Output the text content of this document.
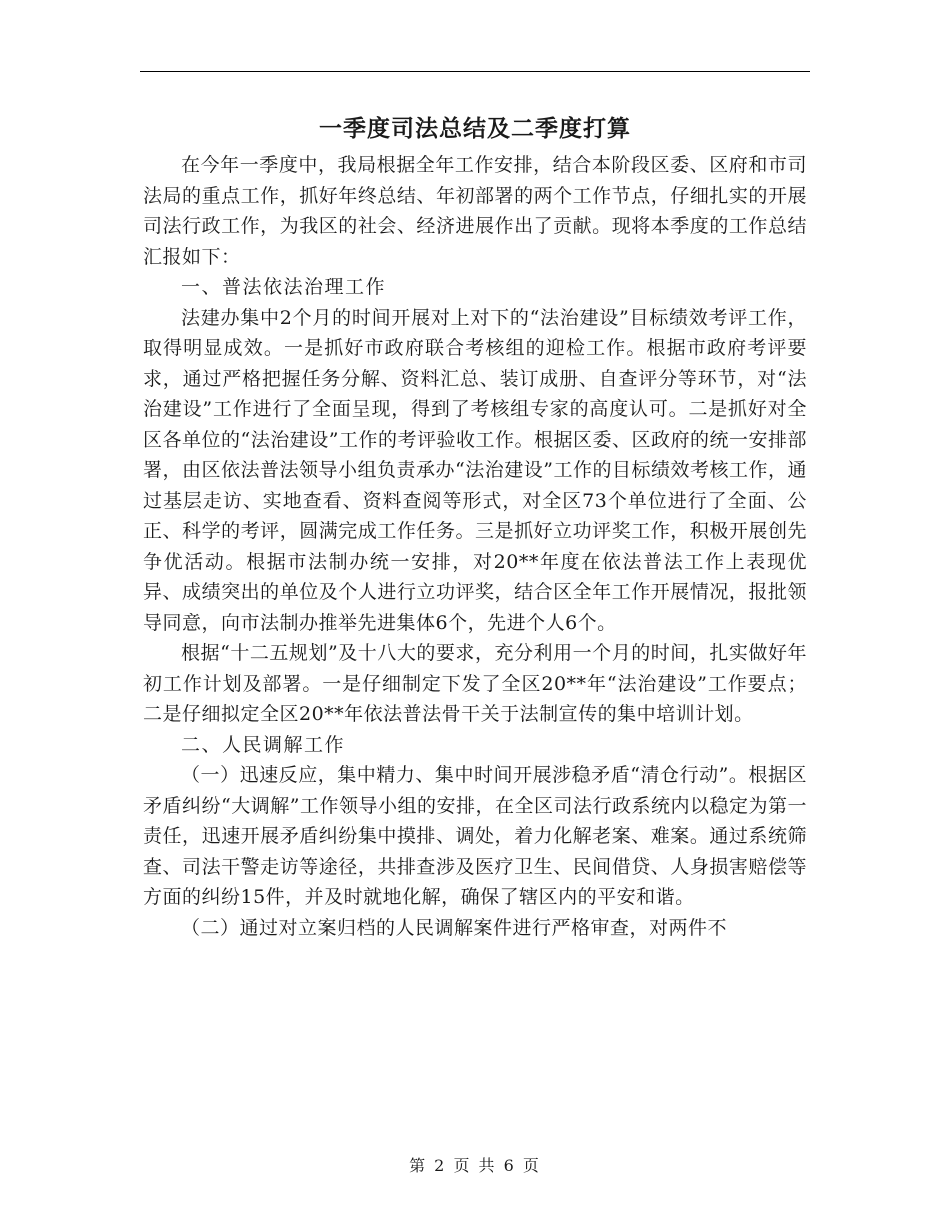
一季度司法总结及二季度打算

在今年一季度中，我局根据全年工作安排，结合本阶段区委、区府和市司法局的重点工作，抓好年终总结、年初部署的两个工作节点，仔细扎实的开展司法行政工作，为我区的社会、经济进展作出了贡献。现将本季度的工作总结汇报如下：

一、普法依法治理工作

法建办集中2个月的时间开展对上对下的“法治建设”目标绩效考评工作，取得明显成效。一是抓好市政府联合考核组的迎检工作。根据市政府考评要求，通过严格把握任务分解、资料汇总、装订成册、自查评分等环节，对“法治建设”工作进行了全面呈现，得到了考核组专家的高度认可。二是抓好对全区各单位的“法治建设”工作的考评验收工作。根据区委、区政府的统一安排部署，由区依法普法领导小组负责承办“法治建设”工作的目标绩效考核工作，通过基层走访、实地查看、资料查阅等形式，对全区73个单位进行了全面、公正、科学的考评，圆满完成工作任务。三是抓好立功评奖工作，积极开展创先争优活动。根据市法制办统一安排，对20**年度在依法普法工作上表现优异、成绩突出的单位及个人进行立功评奖，结合区全年工作开展情况，报批领导同意，向市法制办推举先进集体6个，先进个人6个。

根据“十二五规划”及十八大的要求，充分利用一个月的时间，扎实做好年初工作计划及部署。一是仔细制定下发了全区20**年“法治建设”工作要点；二是仔细拟定全区20**年依法普法骨干关于法制宣传的集中培训计划。

二、人民调解工作

（一）迅速反应，集中精力、集中时间开展涉稳矛盾“清仓行动”。根据区矛盾纠纷“大调解”工作领导小组的安排，在全区司法行政系统内以稳定为第一责任，迅速开展矛盾纠纷集中摸排、调处，着力化解老案、难案。通过系统筛查、司法干警走访等途径，共排查涉及医疗卫生、民间借贷、人身损害赔偿等方面的纠纷15件，并及时就地化解，确保了辖区内的平安和谐。

（二）通过对立案归档的人民调解案件进行严格审查，对两件不

第 2 页 共 6 页
